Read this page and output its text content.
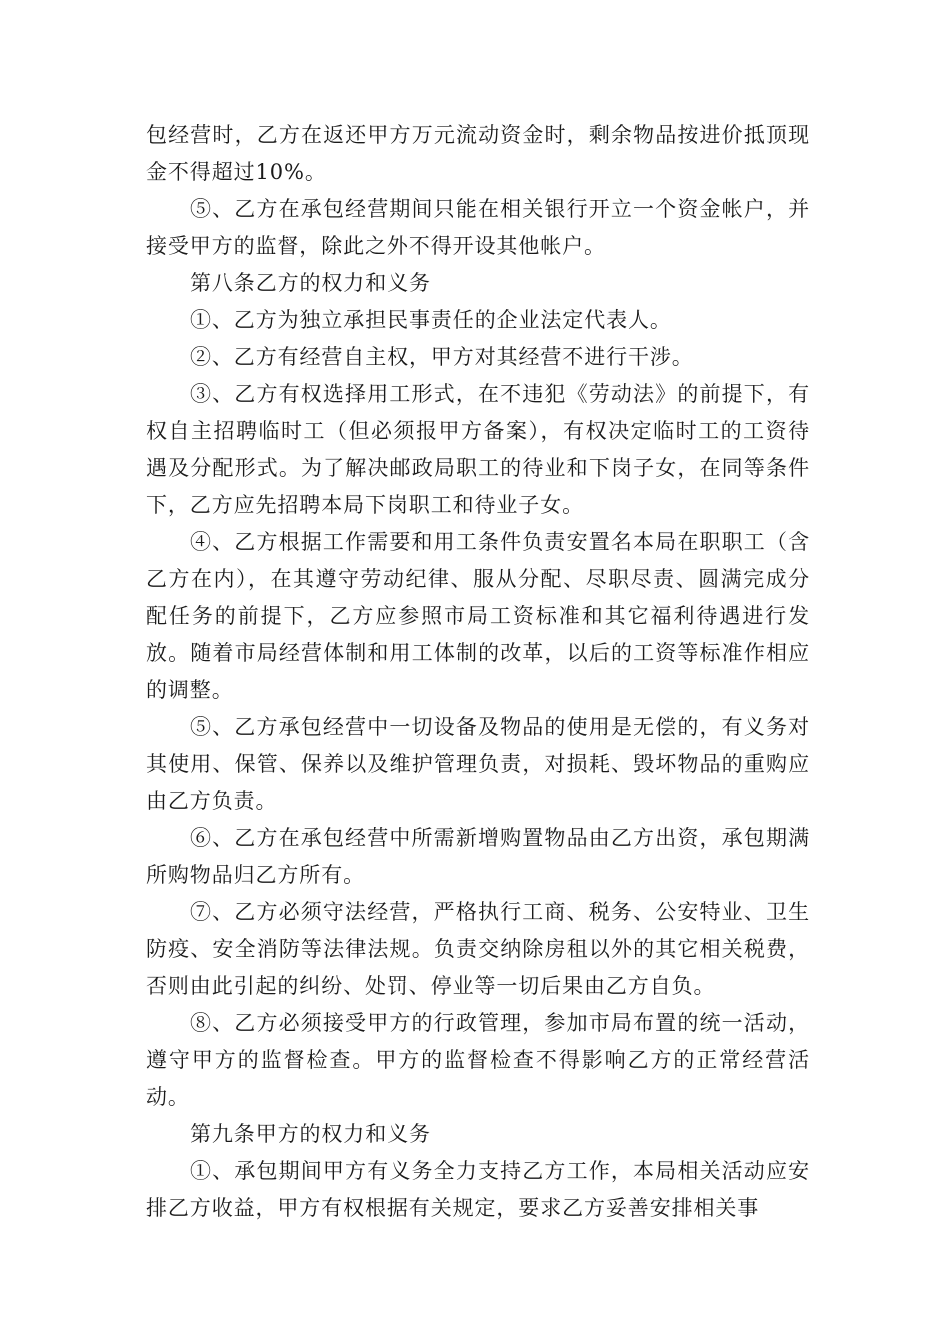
包经营时，乙方在返还甲方万元流动资金时，剩余物品按进价抵顶现金不得超过10%。

⑤、乙方在承包经营期间只能在相关银行开立一个资金帐户，并接受甲方的监督，除此之外不得开设其他帐户。

第八条乙方的权力和义务

①、乙方为独立承担民事责任的企业法定代表人。

②、乙方有经营自主权，甲方对其经营不进行干涉。

③、乙方有权选择用工形式，在不违犯《劳动法》的前提下，有权自主招聘临时工（但必须报甲方备案），有权决定临时工的工资待遇及分配形式。为了解决邮政局职工的待业和下岗子女，在同等条件下，乙方应先招聘本局下岗职工和待业子女。

④、乙方根据工作需要和用工条件负责安置名本局在职职工（含乙方在内），在其遵守劳动纪律、服从分配、尽职尽责、圆满完成分配任务的前提下，乙方应参照市局工资标准和其它福利待遇进行发放。随着市局经营体制和用工体制的改革，以后的工资等标准作相应的调整。

⑤、乙方承包经营中一切设备及物品的使用是无偿的，有义务对其使用、保管、保养以及维护管理负责，对损耗、毁坏物品的重购应由乙方负责。

⑥、乙方在承包经营中所需新增购置物品由乙方出资，承包期满所购物品归乙方所有。

⑦、乙方必须守法经营，严格执行工商、税务、公安特业、卫生防疫、安全消防等法律法规。负责交纳除房租以外的其它相关税费，否则由此引起的纠纷、处罚、停业等一切后果由乙方自负。

⑧、乙方必须接受甲方的行政管理，参加市局布置的统一活动，遵守甲方的监督检查。甲方的监督检查不得影响乙方的正常经营活动。

第九条甲方的权力和义务

①、承包期间甲方有义务全力支持乙方工作，本局相关活动应安排乙方收益，甲方有权根据有关规定，要求乙方妥善安排相关事
